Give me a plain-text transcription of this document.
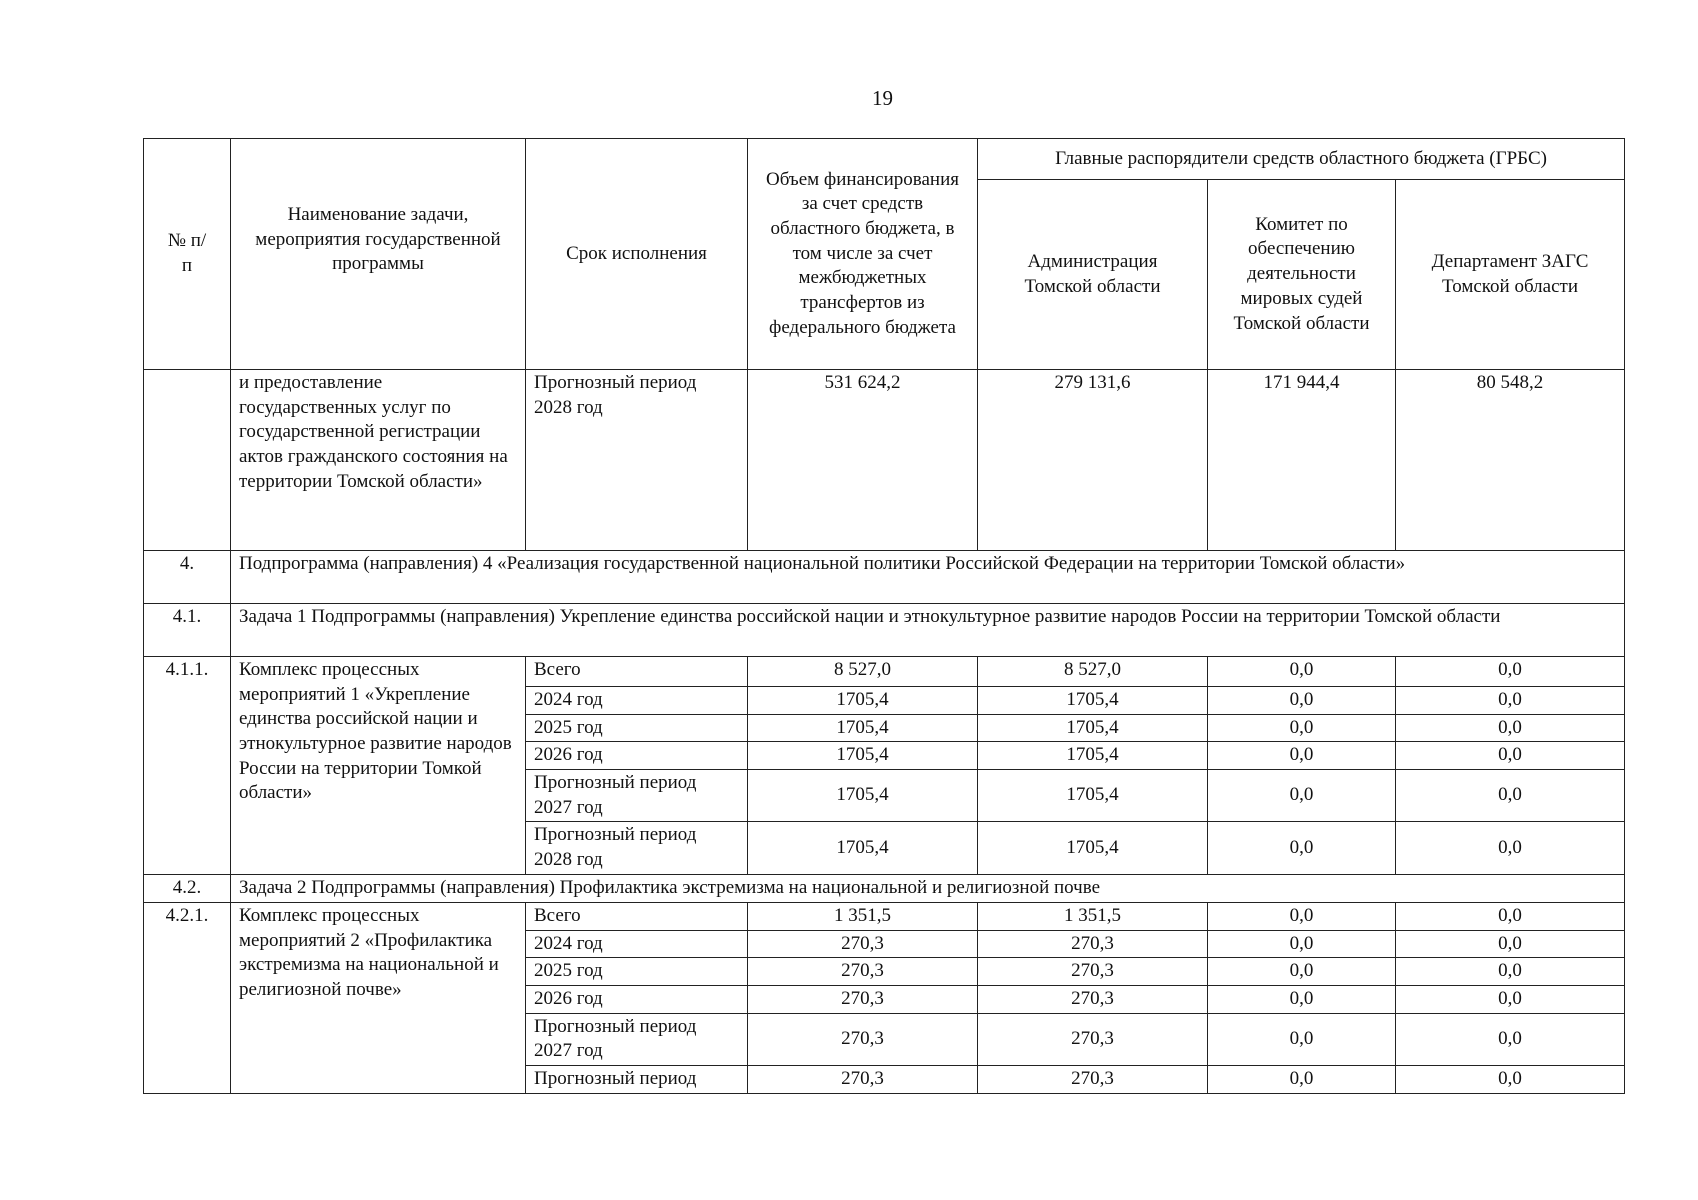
19
№ п/п	Наименование задачи, мероприятия государственной программы	Срок исполнения	Объем финансирования за счет средств областного бюджета, в том числе за счет межбюджетных трансфертов из федерального бюджета	Главные распорядители средств областного бюджета (ГРБС)		
				Администрация Томской области	Комитет по обеспечению деятельности мировых судей Томской области	Департамент ЗАГС Томской области
	и предоставление государственных услуг по государственной регистрации актов гражданского состояния на территории Томской области»	Прогнозный период 2028 год	531 624,2	279 131,6	171 944,4	80 548,2
4.	Подпрограмма (направления) 4 «Реализация государственной национальной политики Российской Федерации на территории Томской области»					
4.1.	Задача 1 Подпрограммы (направления) Укрепление единства российской нации и этнокультурное развитие народов России на территории Томской области					
4.1.1.	Комплекс процессных мероприятий 1 «Укрепление единства российской нации и этнокультурное развитие народов России на территории Томкой области»	Всего	8 527,0	8 527,0	0,0	0,0
		2024 год	1705,4	1705,4	0,0	0,0
		2025 год	1705,4	1705,4	0,0	0,0
		2026 год	1705,4	1705,4	0,0	0,0
		Прогнозный период 2027 год	1705,4	1705,4	0,0	0,0
		Прогнозный период 2028 год	1705,4	1705,4	0,0	0,0
4.2.	Задача 2 Подпрограммы (направления) Профилактика экстремизма на национальной и религиозной почве					
4.2.1.	Комплекс процессных мероприятий 2 «Профилактика экстремизма на национальной и религиозной почве»	Всего	1 351,5	1 351,5	0,0	0,0
		2024 год	270,3	270,3	0,0	0,0
		2025 год	270,3	270,3	0,0	0,0
		2026 год	270,3	270,3	0,0	0,0
		Прогнозный период 2027 год	270,3	270,3	0,0	0,0
		Прогнозный период	270,3	270,3	0,0	0,0
